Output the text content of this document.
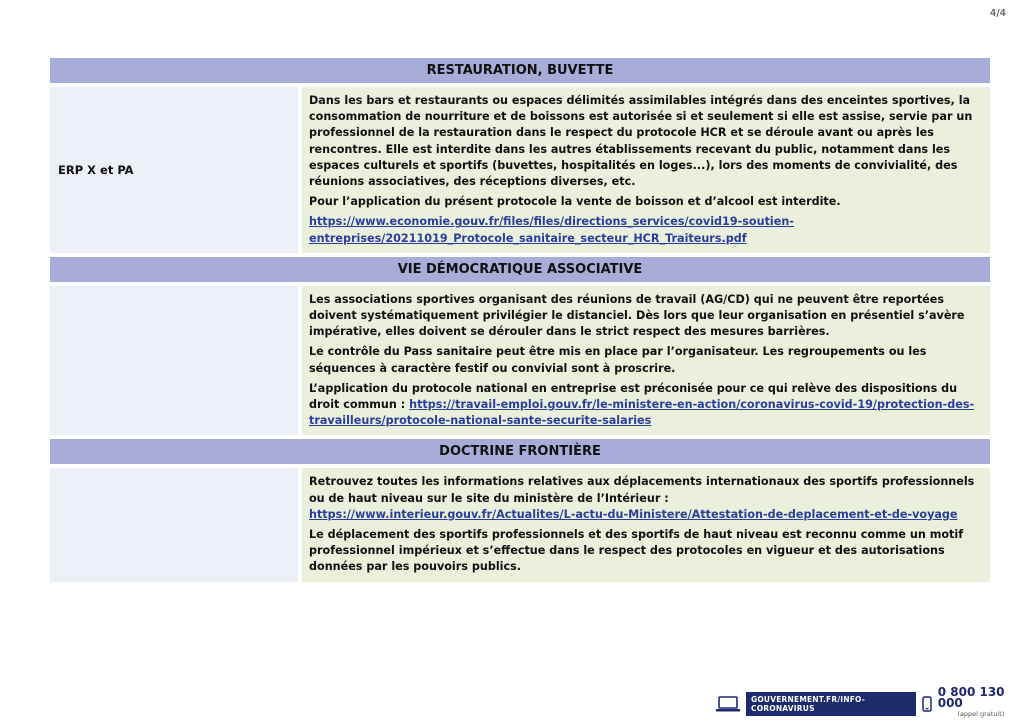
4/4
RESTAURATION, BUVETTE
ERP X et PA

Dans les bars et restaurants ou espaces délimités assimilables intégrés dans des enceintes sportives, la consommation de nourriture et de boissons est autorisée si et seulement si elle est assise, servie par un professionnel de la restauration dans le respect du protocole HCR et se déroule avant ou après les rencontres. Elle est interdite dans les autres établissements recevant du public, notamment dans les espaces culturels et sportifs (buvettes, hospitalités en loges...), lors des moments de convivialité, des réunions associatives, des réceptions diverses, etc.

Pour l’application du présent protocole la vente de boisson et d’alcool est interdite.

https://www.economie.gouv.fr/files/files/directions_services/covid19-soutien-entreprises/20211019_Protocole_sanitaire_secteur_HCR_Traiteurs.pdf

VIE DÉMOCRATIQUE ASSOCIATIVE

Les associations sportives organisant des réunions de travail (AG/CD) qui ne peuvent être reportées doivent systématiquement privilégier le distanciel. Dès lors que leur organisation en présentiel s’avère impérative, elles doivent se dérouler dans le strict respect des mesures barrières.

Le contrôle du Pass sanitaire peut être mis en place par l’organisateur. Les regroupements ou les séquences à caractère festif ou convivial sont à proscrire.

L’application du protocole national en entreprise est préconisée pour ce qui relève des dispositions du droit commun : https://travail-emploi.gouv.fr/le-ministere-en-action/coronavirus-covid-19/protection-des-travailleurs/protocole-national-sante-securite-salaries

DOCTRINE FRONTIÈRE

Retrouvez toutes les informations relatives aux déplacements internationaux des sportifs professionnels ou de haut niveau sur le site du ministère de l’Intérieur :
https://www.interieur.gouv.fr/Actualites/L-actu-du-Ministere/Attestation-de-deplacement-et-de-voyage

Le déplacement des sportifs professionnels et des sportifs de haut niveau est reconnu comme un motif professionnel impérieux et s’effectue dans le respect des protocoles en vigueur et des autorisations données par les pouvoirs publics.

GOUVERNEMENT.FR/INFO-CORONAVIRUS
0 800 130 000
(appel gratuit)
